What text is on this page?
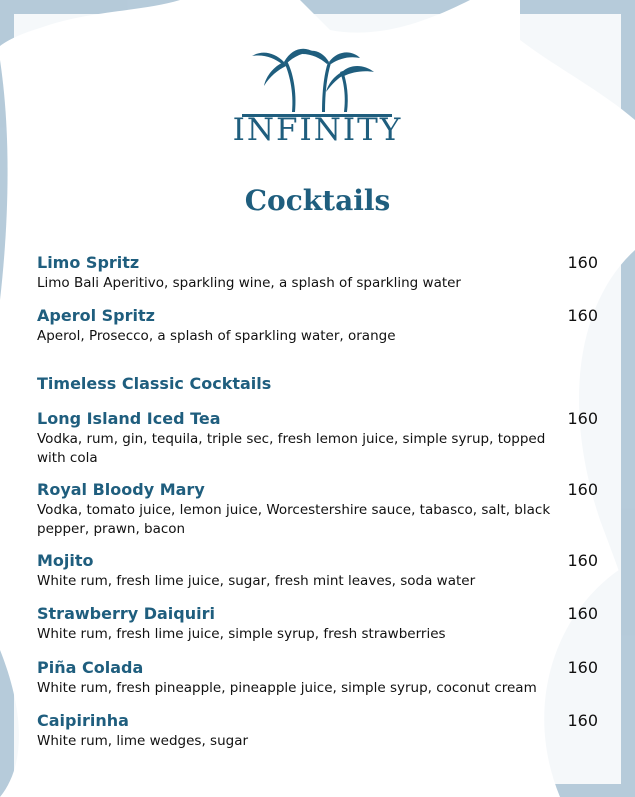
INFINITY
Cocktails
Limo Spritz
Limo Bali Aperitivo, sparkling wine, a splash of sparkling water
160
Aperol Spritz
Aperol, Prosecco, a splash of sparkling water, orange
160
Timeless Classic Cocktails
Long Island Iced Tea
Vodka, rum, gin, tequila, triple sec, fresh lemon juice, simple syrup, topped with cola
160
Royal Bloody Mary
Vodka, tomato juice, lemon juice, Worcestershire sauce, tabasco, salt, black pepper, prawn, bacon
160
Mojito
White rum, fresh lime juice, sugar, fresh mint leaves, soda water
160
Strawberry Daiquiri
White rum, fresh lime juice, simple syrup, fresh strawberries
160
Piña Colada
White rum, fresh pineapple, pineapple juice, simple syrup, coconut cream
160
Caipirinha
White rum, lime wedges, sugar
160
